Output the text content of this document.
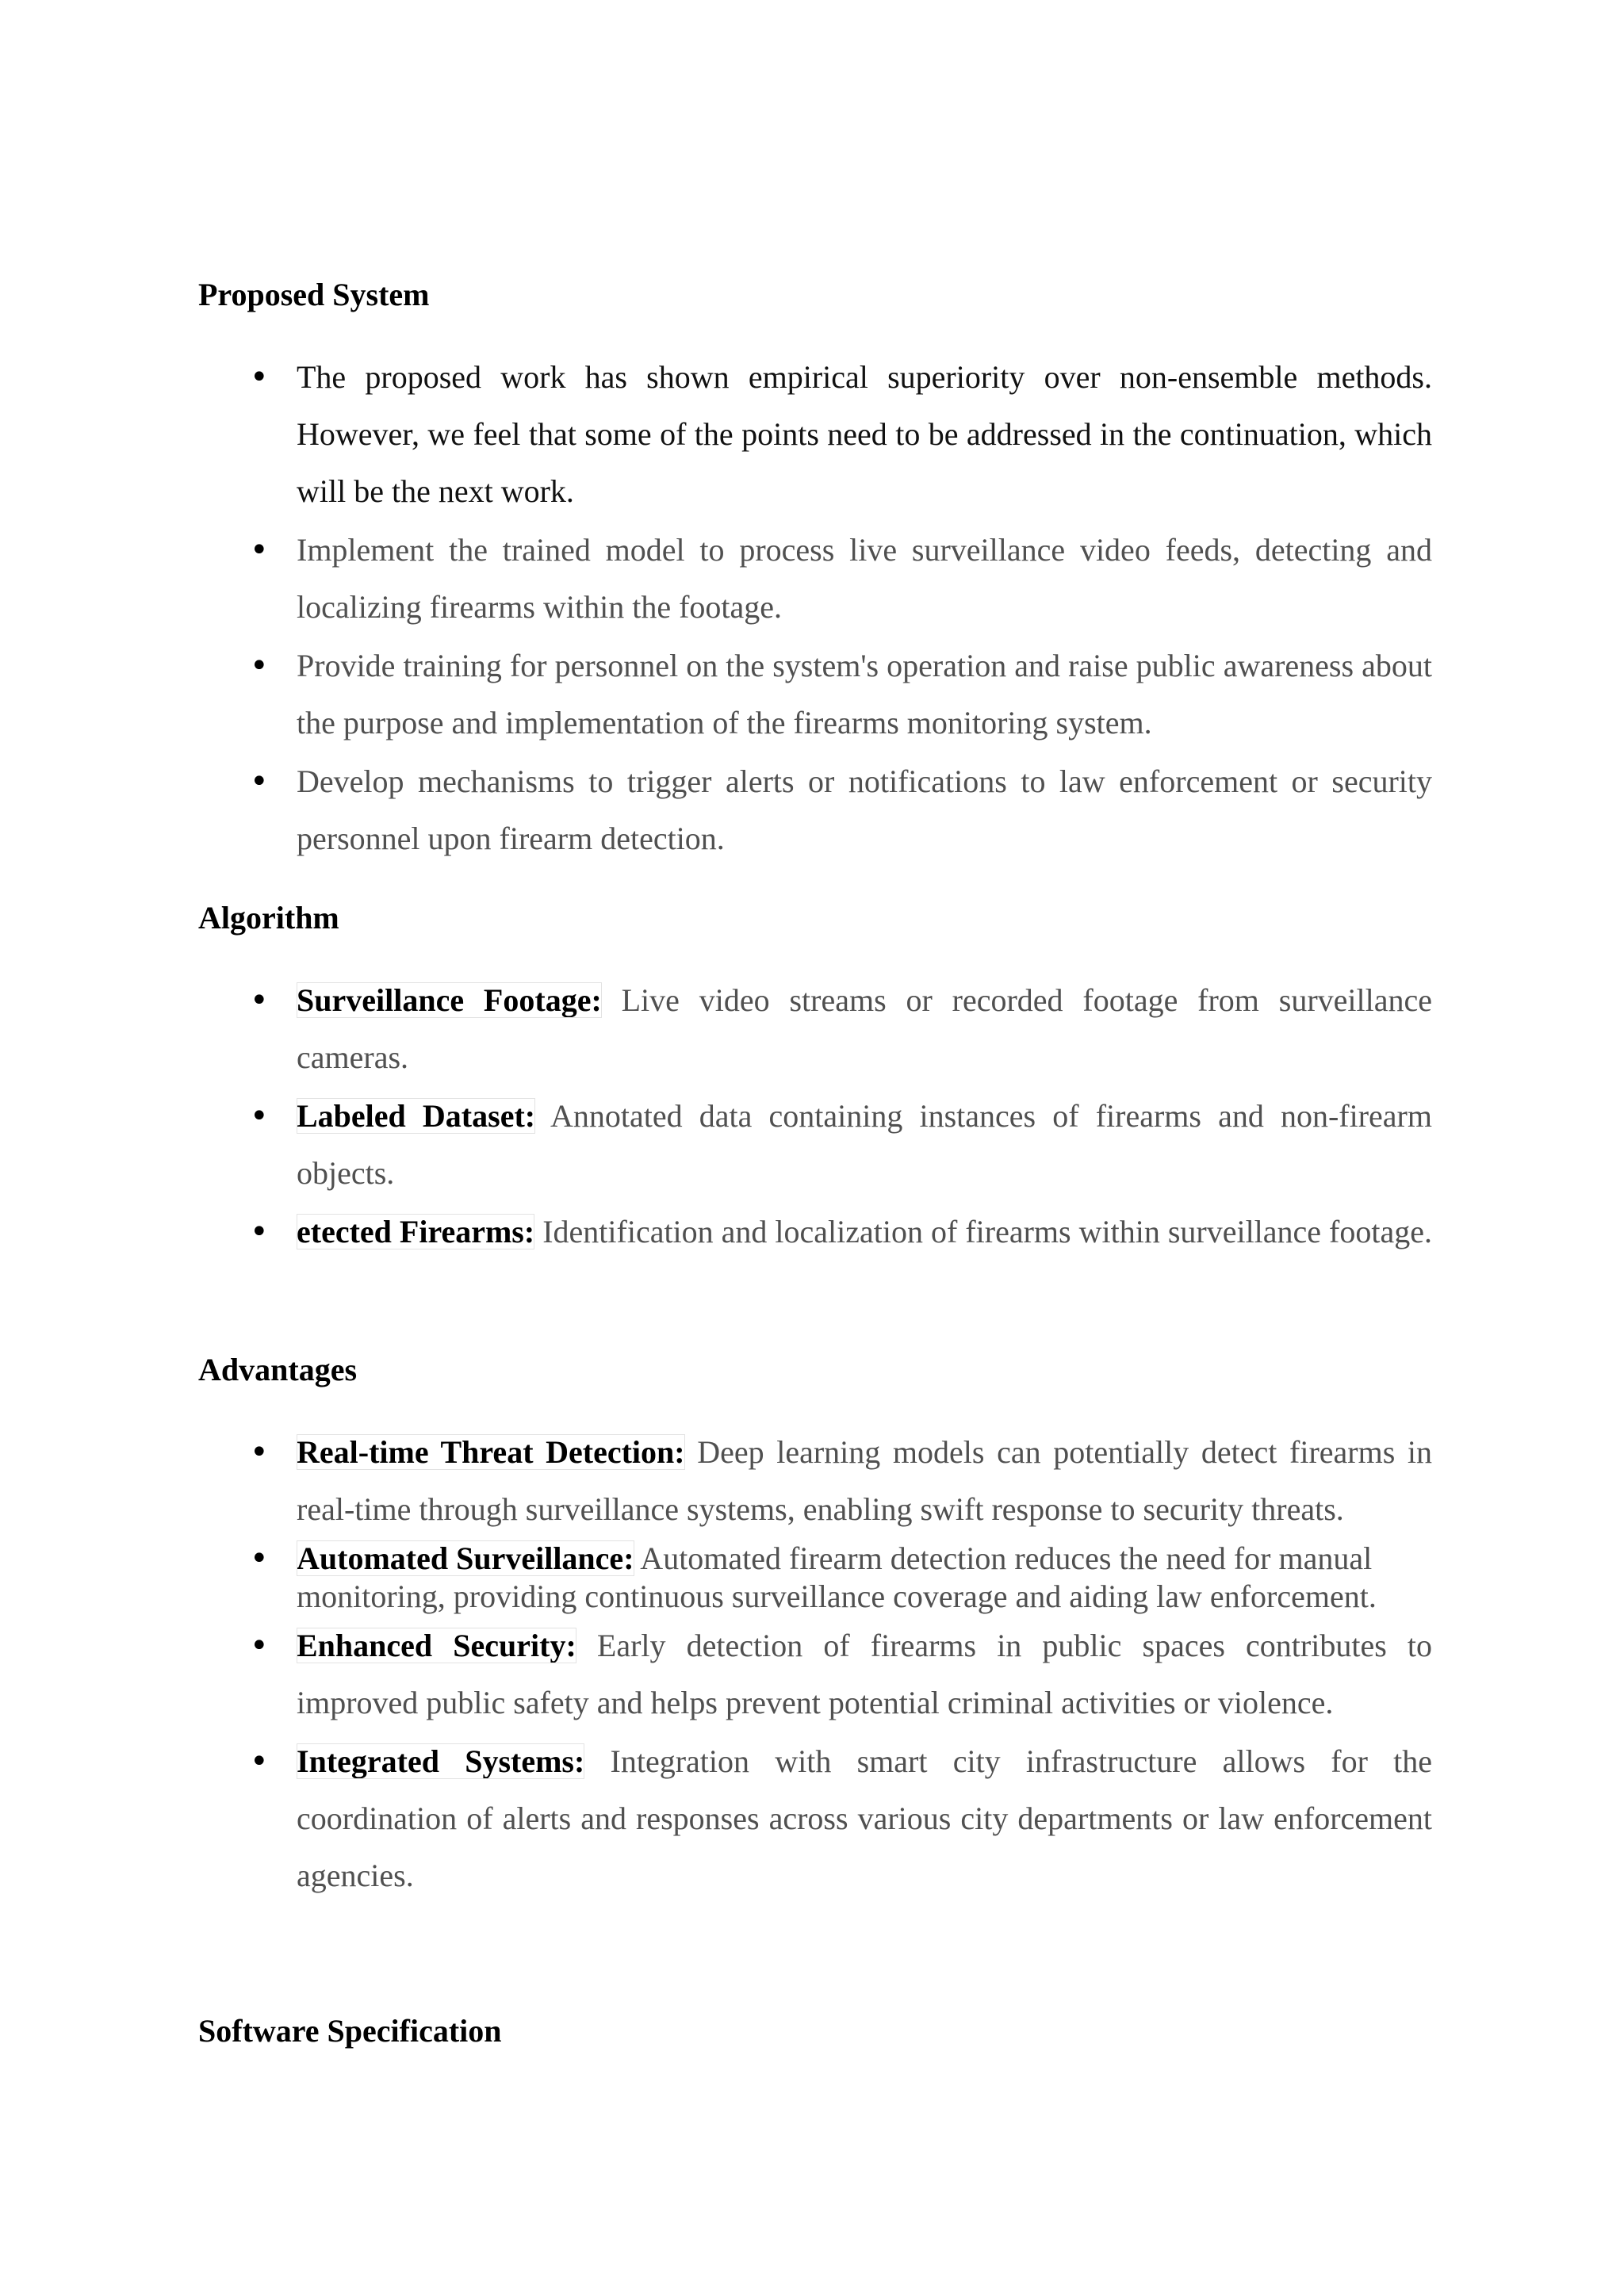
Proposed System
• The proposed work has shown empirical superiority over non-ensemble methods. However, we feel that some of the points need to be addressed in the continuation, which will be the next work.
• Implement the trained model to process live surveillance video feeds, detecting and localizing firearms within the footage.
• Provide training for personnel on the system's operation and raise public awareness about the purpose and implementation of the firearms monitoring system.
• Develop mechanisms to trigger alerts or notifications to law enforcement or security personnel upon firearm detection.
Algorithm
• Surveillance Footage: Live video streams or recorded footage from surveillance cameras.
• Labeled Dataset: Annotated data containing instances of firearms and non-firearm objects.
• etected Firearms: Identification and localization of firearms within surveillance footage.
Advantages
• Real-time Threat Detection: Deep learning models can potentially detect firearms in real-time through surveillance systems, enabling swift response to security threats.
• Automated Surveillance: Automated firearm detection reduces the need for manual monitoring, providing continuous surveillance coverage and aiding law enforcement.
• Enhanced Security: Early detection of firearms in public spaces contributes to improved public safety and helps prevent potential criminal activities or violence.
• Integrated Systems: Integration with smart city infrastructure allows for the coordination of alerts and responses across various city departments or law enforcement agencies.
Software Specification
